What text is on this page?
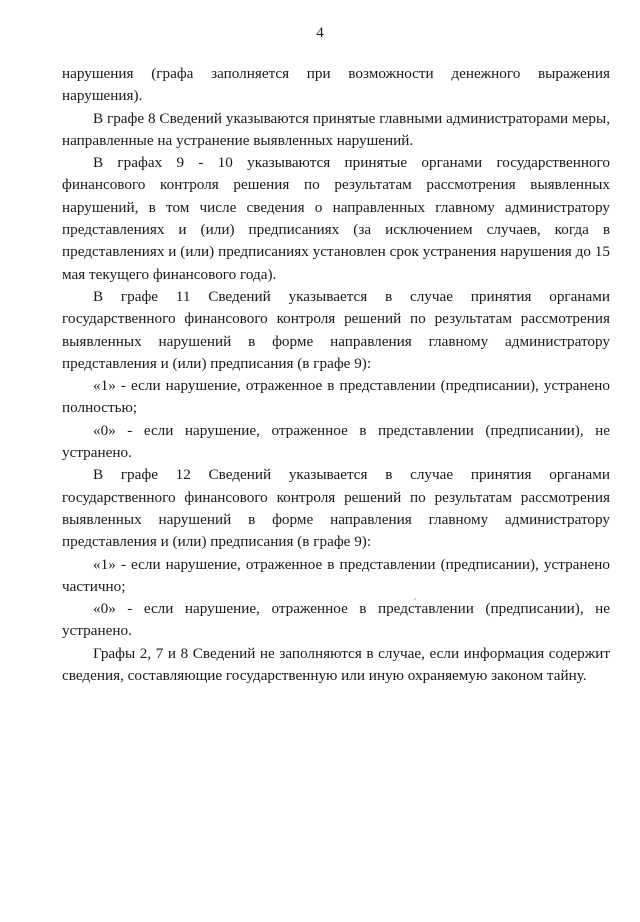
4

нарушения (графа заполняется при возможности денежного выражения нарушения).

В графе 8 Сведений указываются принятые главными администраторами меры, направленные на устранение выявленных нарушений.

В графах 9 - 10 указываются принятые органами государственного финансового контроля решения по результатам рассмотрения выявленных нарушений, в том числе сведения о направленных главному администратору представлениях и (или) предписаниях (за исключением случаев, когда в представлениях и (или) предписаниях установлен срок устранения нарушения до 15 мая текущего финансового года).

В графе 11 Сведений указывается в случае принятия органами государственного финансового контроля решений по результатам рассмотрения выявленных нарушений в форме направления главному администратору представления и (или) предписания (в графе 9):

«1» - если нарушение, отраженное в представлении (предписании), устранено полностью;

«0» - если нарушение, отраженное в представлении (предписании), не устранено.

В графе 12 Сведений указывается в случае принятия органами государственного финансового контроля решений по результатам рассмотрения выявленных нарушений в форме направления главному администратору представления и (или) предписания (в графе 9):

«1» - если нарушение, отраженное в представлении (предписании), устранено частично;

«0» - если нарушение, отраженное в представлении (предписании), не устранено.

Графы 2, 7 и 8 Сведений не заполняются в случае, если информация содержит сведения, составляющие государственную или иную охраняемую законом тайну.
